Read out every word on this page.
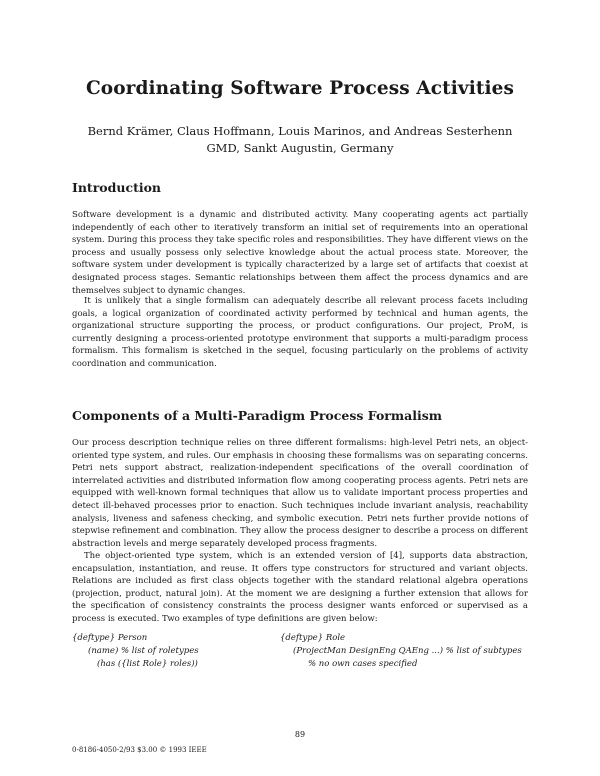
Coordinating Software Process Activities
Bernd Krämer, Claus Hoffmann, Louis Marinos, and Andreas Sesterhenn
GMD, Sankt Augustin, Germany
Introduction

Software development is a dynamic and distributed activity. Many cooperating agents act partially independently of each other to iteratively transform an initial set of requirements into an operational system. During this process they take specific roles and responsibilities. They have different views on the process and usually possess only selective knowledge about the actual process state. Moreover, the software system under development is typically characterized by a large set of artifacts that coexist at designated process stages. Semantic relationships between them affect the process dynamics and are themselves subject to dynamic changes.

It is unlikely that a single formalism can adequately describe all relevant process facets including goals, a logical organization of coordinated activity performed by technical and human agents, the organizational structure supporting the process, or product configurations. Our project, ProM, is currently designing a process-oriented prototype environment that supports a multi-paradigm process formalism. This formalism is sketched in the sequel, focusing particularly on the problems of activity coordination and communication.

Components of a Multi-Paradigm Process Formalism

Our process description technique relies on three different formalisms: high-level Petri nets, an object-oriented type system, and rules. Our emphasis in choosing these formalisms was on separating concerns. Petri nets support abstract, realization-independent specifications of the overall coordination of interrelated activities and distributed information flow among cooperating process agents. Petri nets are equipped with well-known formal techniques that allow us to validate important process properties and detect ill-behaved processes prior to enaction. Such techniques include invariant analysis, reachability analysis, liveness and safeness checking, and symbolic execution. Petri nets further provide notions of stepwise refinement and combination. They allow the process designer to describe a process on different abstraction levels and merge separately developed process fragments.

The object-oriented type system, which is an extended version of [4], supports data abstraction, encapsulation, instantiation, and reuse. It offers type constructors for structured and variant objects. Relations are included as first class objects together with the standard relational algebra operations (projection, product, natural join). At the moment we are designing a further extension that allows for the specification of consistency constraints the process designer wants enforced or supervised as a process is executed. Two examples of type definitions are given below:

{deftype} Person
(name) % list of roletypes
(has ({list Role} roles))
{deftype} Role
(ProjectMan DesignEng QAEng ...) % list of subtypes
% no own cases specified
89
0-8186-4050-2/93 $3.00 © 1993 IEEE
